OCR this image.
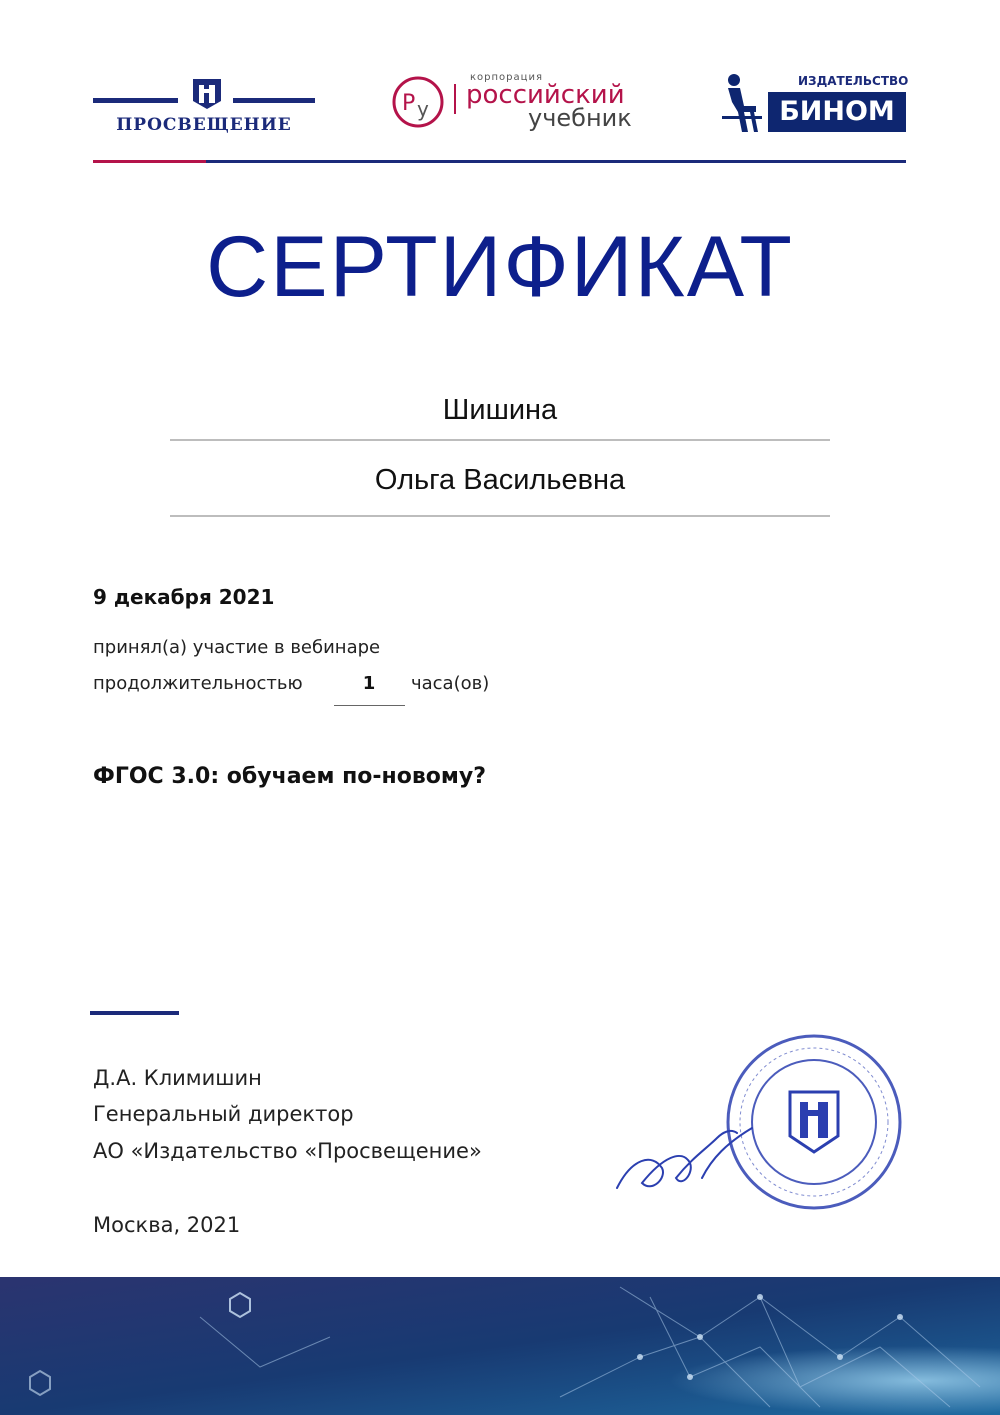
ПРОСВЕЩЕНИЕ
Р у
корпорация
российский
учебник
ИЗДАТЕЛЬСТВО
БИНОМ
СЕРТИФИКАТ
Шишина
Ольга Васильевна
9 декабря 2021
принял(а) участие в вебинаре
продолжительностью	1	часа(ов)
ФГОС 3.0: обучаем по-новому?
Д.А. Климишин
Генеральный директор
АО «Издательство «Просвещение»
Москва, 2021
